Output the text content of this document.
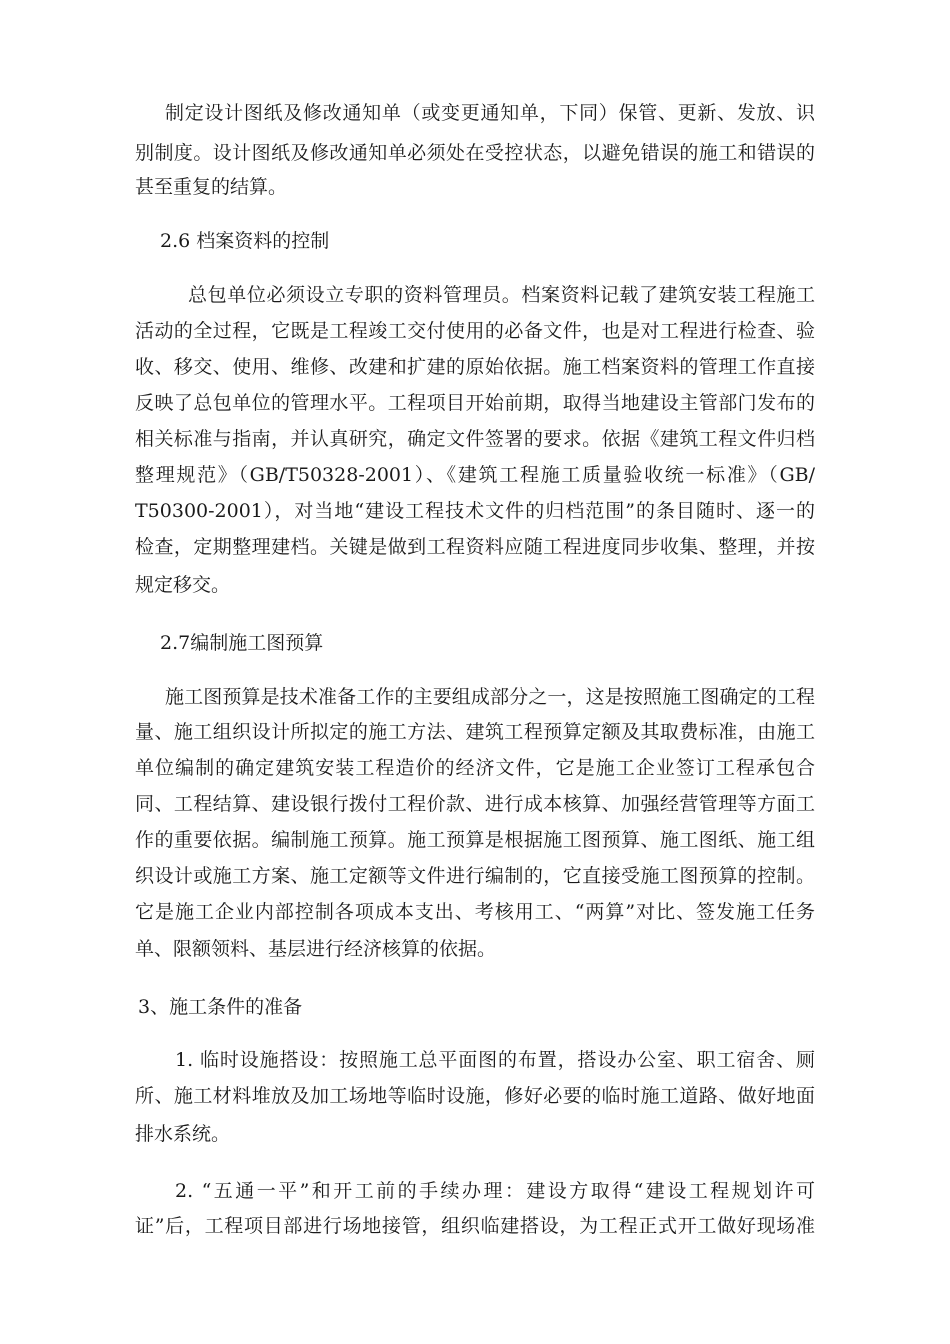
制定设计图纸及修改通知单（或变更通知单，下同）保管、更新、发放、识
别制度。设计图纸及修改通知单必须处在受控状态，以避免错误的施工和错误的
甚至重复的结算。
2.6 档案资料的控制
总包单位必须设立专职的资料管理员。档案资料记载了建筑安装工程施工
活动的全过程，它既是工程竣工交付使用的必备文件，也是对工程进行检查、验
收、移交、使用、维修、改建和扩建的原始依据。施工档案资料的管理工作直接
反映了总包单位的管理水平。工程项目开始前期，取得当地建设主管部门发布的
相关标准与指南，并认真研究，确定文件签署的要求。依据《建筑工程文件归档
整理规范》（GB/T50328-2001）、《建筑工程施工质量验收统一标准》（GB/
T50300-2001），对当地“建设工程技术文件的归档范围”的条目随时、逐一的
检查，定期整理建档。关键是做到工程资料应随工程进度同步收集、整理，并按
规定移交。
2.7编制施工图预算
施工图预算是技术准备工作的主要组成部分之一，这是按照施工图确定的工程
量、施工组织设计所拟定的施工方法、建筑工程预算定额及其取费标准，由施工
单位编制的确定建筑安装工程造价的经济文件，它是施工企业签订工程承包合
同、工程结算、建设银行拨付工程价款、进行成本核算、加强经营管理等方面工
作的重要依据。编制施工预算。施工预算是根据施工图预算、施工图纸、施工组
织设计或施工方案、施工定额等文件进行编制的，它直接受施工图预算的控制。
它是施工企业内部控制各项成本支出、考核用工、“两算”对比、签发施工任务
单、限额领料、基层进行经济核算的依据。
3、施工条件的准备
1. 临时设施搭设：按照施工总平面图的布置，搭设办公室、职工宿舍、厕
所、施工材料堆放及加工场地等临时设施，修好必要的临时施工道路、做好地面
排水系统。
2. “五通一平”和开工前的手续办理：建设方取得“建设工程规划许可
证”后，工程项目部进行场地接管，组织临建搭设，为工程正式开工做好现场准
